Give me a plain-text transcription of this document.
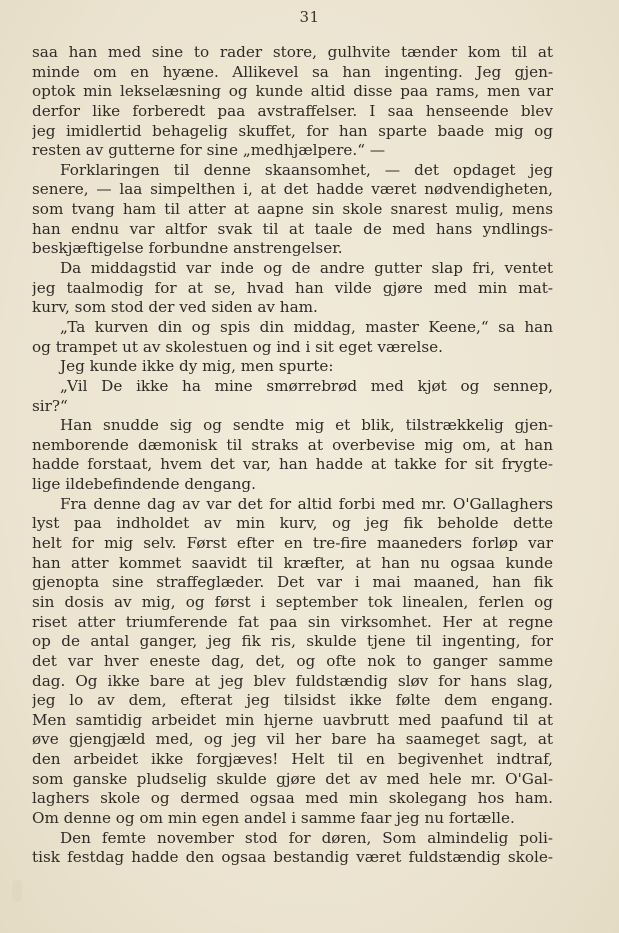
31
saa han med sine to rader store, gulhvite tænder kom til at
minde om en hyæne. Allikevel sa han ingenting. Jeg gjen-
optok min lekselæsning og kunde altid disse paa rams, men var
derfor like forberedt paa avstraffelser. I saa henseende blev
jeg imidlertid behagelig skuffet, for han sparte baade mig og
resten av gutterne for sine „medhjælpere.“ —
Forklaringen til denne skaansomhet, — det opdaget jeg
senere, — laa simpelthen i, at det hadde været nødvendigheten,
som tvang ham til atter at aapne sin skole snarest mulig, mens
han endnu var altfor svak til at taale de med hans yndlings-
beskjæftigelse forbundne anstrengelser.
Da middagstid var inde og de andre gutter slap fri, ventet
jeg taalmodig for at se, hvad han vilde gjøre med min mat-
kurv, som stod der ved siden av ham.
„Ta kurven din og spis din middag, master Keene,“ sa han
og trampet ut av skolestuen og ind i sit eget værelse.
Jeg kunde ikke dy mig, men spurte:
„Vil De ikke ha mine smørrebrød med kjøt og sennep,
sir?“
Han snudde sig og sendte mig et blik, tilstrækkelig gjen-
nemborende dæmonisk til straks at overbevise mig om, at han
hadde forstaat, hvem det var, han hadde at takke for sit frygte-
lige ildebefindende dengang.
Fra denne dag av var det for altid forbi med mr. O'Gallaghers
lyst paa indholdet av min kurv, og jeg fik beholde dette
helt for mig selv. Først efter en tre-fire maaneders forløp var
han atter kommet saavidt til kræfter, at han nu ogsaa kunde
gjenopta sine straffeglæder. Det var i mai maaned, han fik
sin dosis av mig, og først i september tok linealen, ferlen og
riset atter triumferende fat paa sin virksomhet. Her at regne
op de antal ganger, jeg fik ris, skulde tjene til ingenting, for
det var hver eneste dag, det, og ofte nok to ganger samme
dag. Og ikke bare at jeg blev fuldstændig sløv for hans slag,
jeg lo av dem, efterat jeg tilsidst ikke følte dem engang.
Men samtidig arbeidet min hjerne uavbrutt med paafund til at
øve gjengjæld med, og jeg vil her bare ha saameget sagt, at
den arbeidet ikke forgjæves! Helt til en begivenhet indtraf,
som ganske pludselig skulde gjøre det av med hele mr. O'Gal-
laghers skole og dermed ogsaa med min skolegang hos ham.
Om denne og om min egen andel i samme faar jeg nu fortælle.
Den femte november stod for døren, Som almindelig poli-
tisk festdag hadde den ogsaa bestandig været fuldstændig skole-
